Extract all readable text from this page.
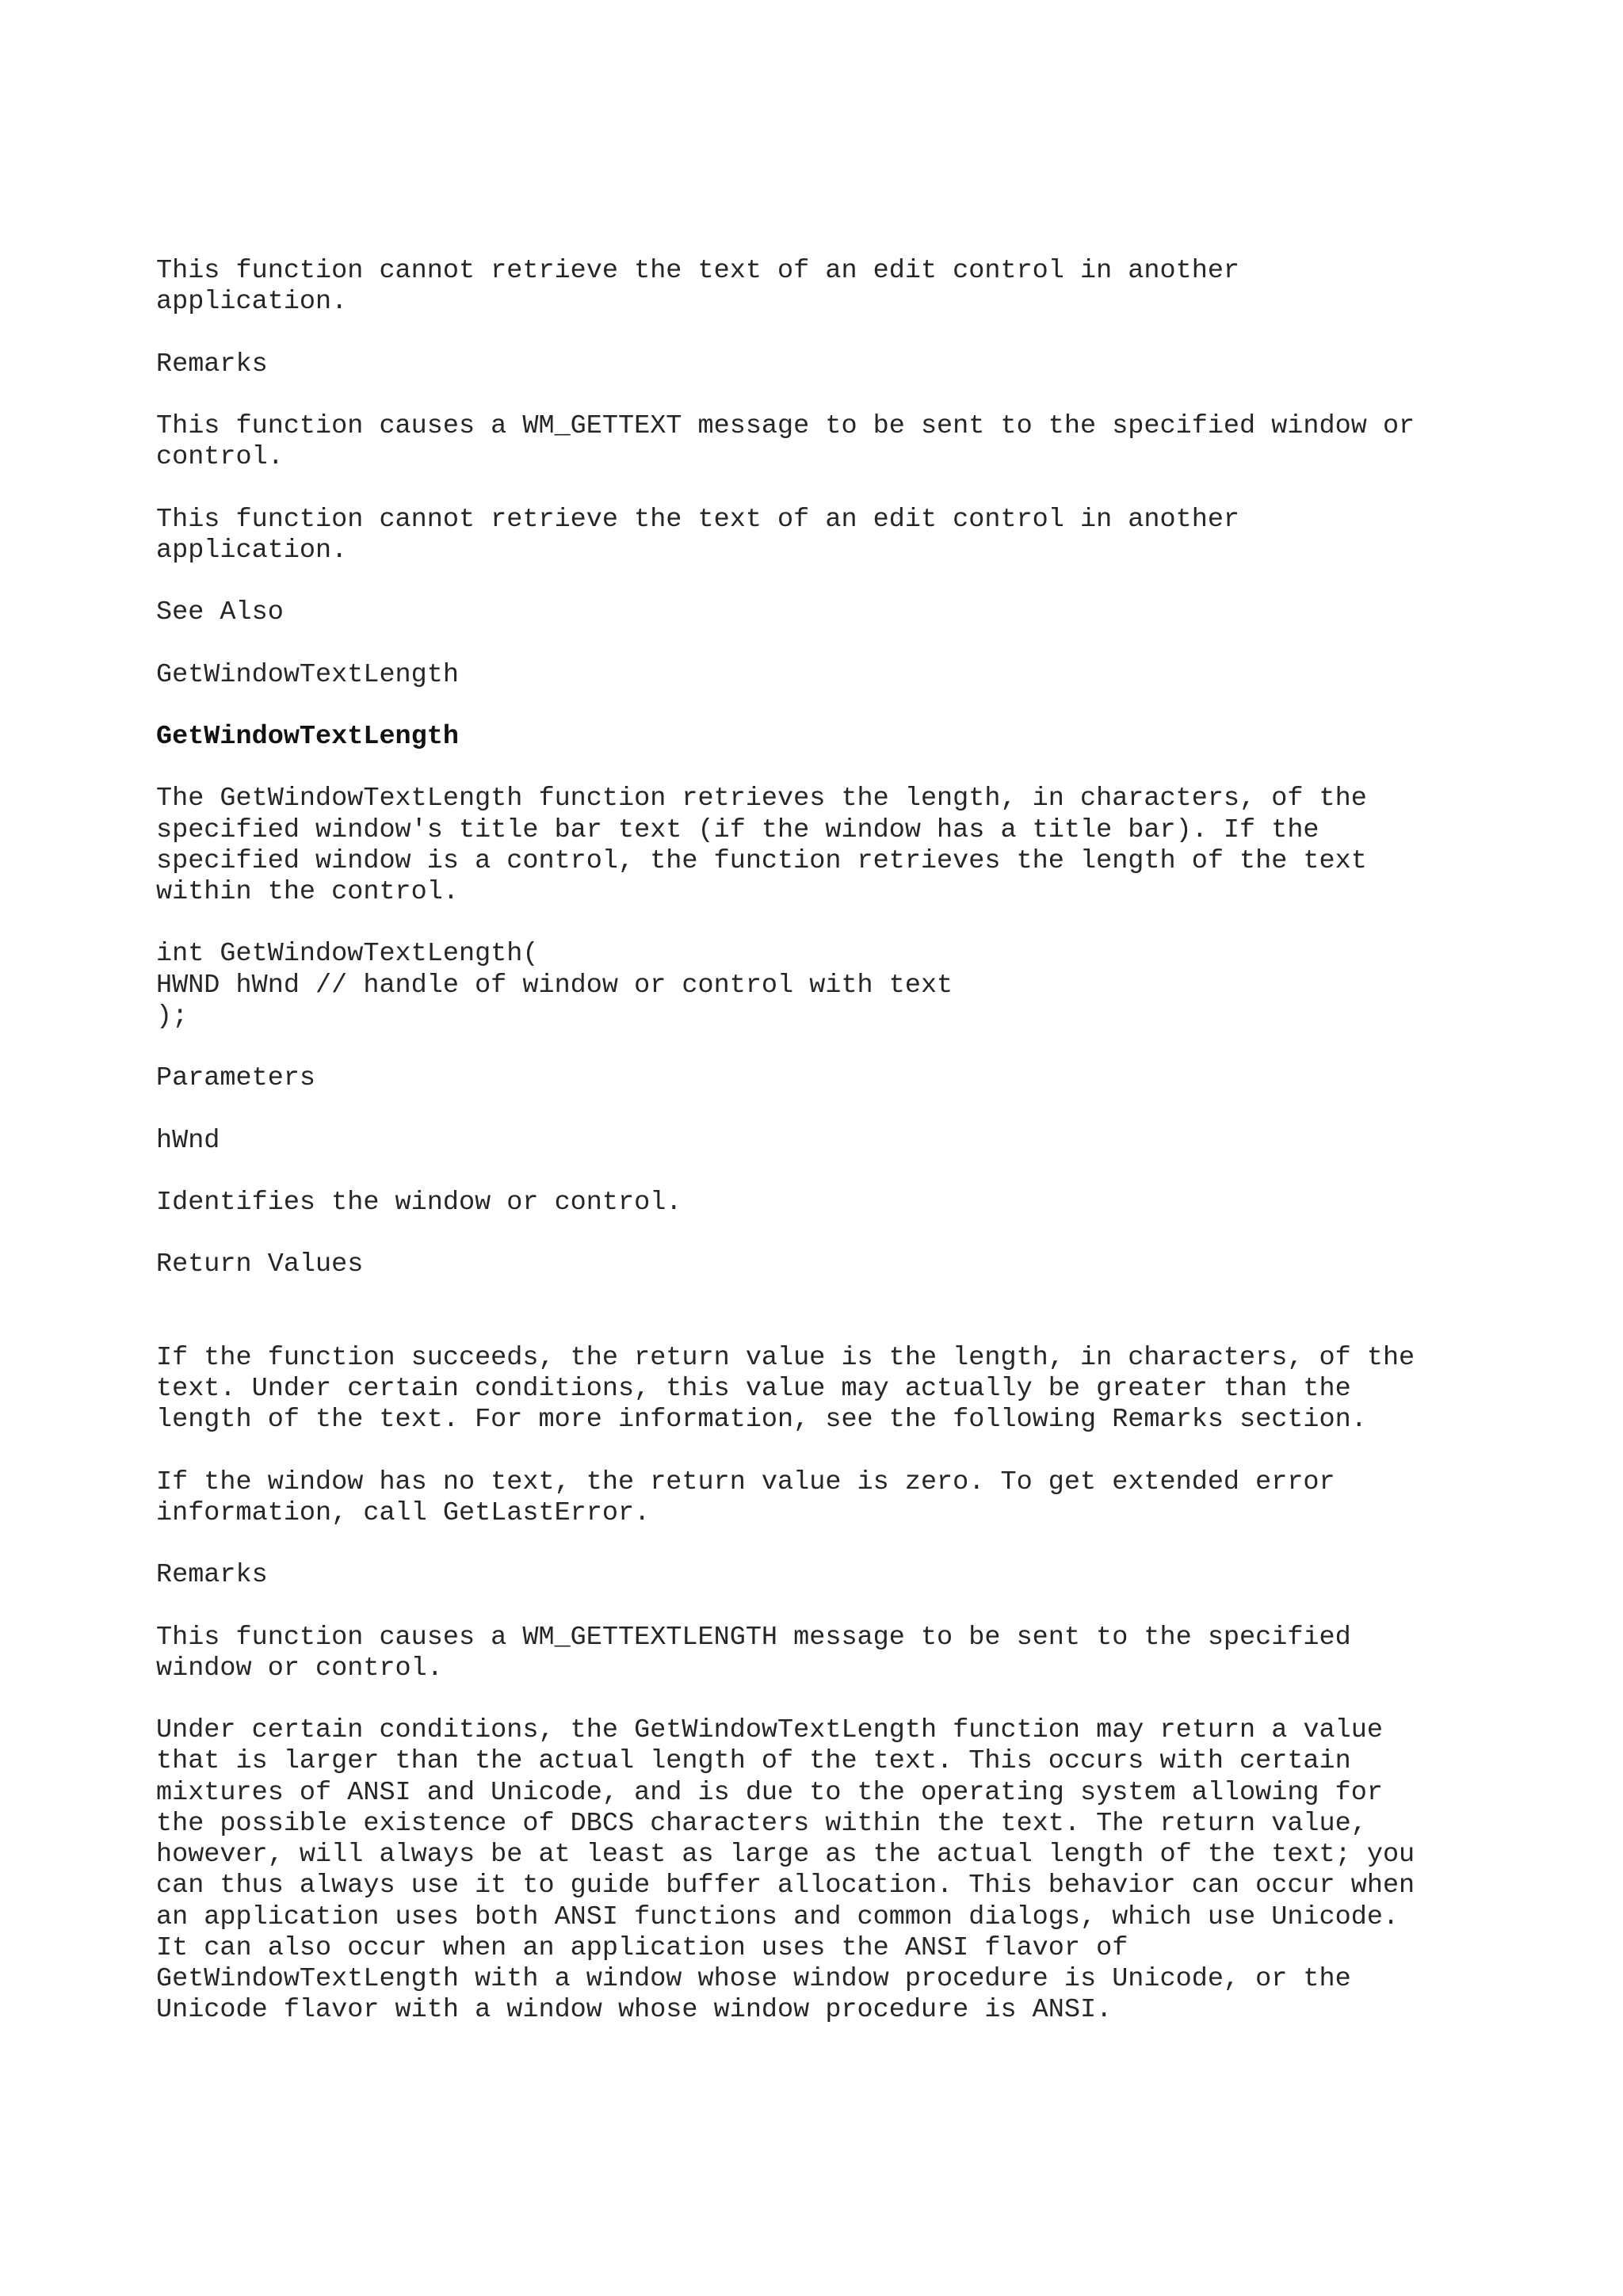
This function cannot retrieve the text of an edit control in another
application.

Remarks

This function causes a WM_GETTEXT message to be sent to the specified window or
control.

This function cannot retrieve the text of an edit control in another
application.

See Also

GetWindowTextLength

GetWindowTextLength

The GetWindowTextLength function retrieves the length, in characters, of the
specified window's title bar text (if the window has a title bar). If the
specified window is a control, the function retrieves the length of the text
within the control.

int GetWindowTextLength(
HWND hWnd // handle of window or control with text
);

Parameters

hWnd

Identifies the window or control.

Return Values

If the function succeeds, the return value is the length, in characters, of the
text. Under certain conditions, this value may actually be greater than the
length of the text. For more information, see the following Remarks section.

If the window has no text, the return value is zero. To get extended error
information, call GetLastError.

Remarks

This function causes a WM_GETTEXTLENGTH message to be sent to the specified
window or control.

Under certain conditions, the GetWindowTextLength function may return a value
that is larger than the actual length of the text. This occurs with certain
mixtures of ANSI and Unicode, and is due to the operating system allowing for
the possible existence of DBCS characters within the text. The return value,
however, will always be at least as large as the actual length of the text; you
can thus always use it to guide buffer allocation. This behavior can occur when
an application uses both ANSI functions and common dialogs, which use Unicode.
It can also occur when an application uses the ANSI flavor of
GetWindowTextLength with a window whose window procedure is Unicode, or the
Unicode flavor with a window whose window procedure is ANSI.
